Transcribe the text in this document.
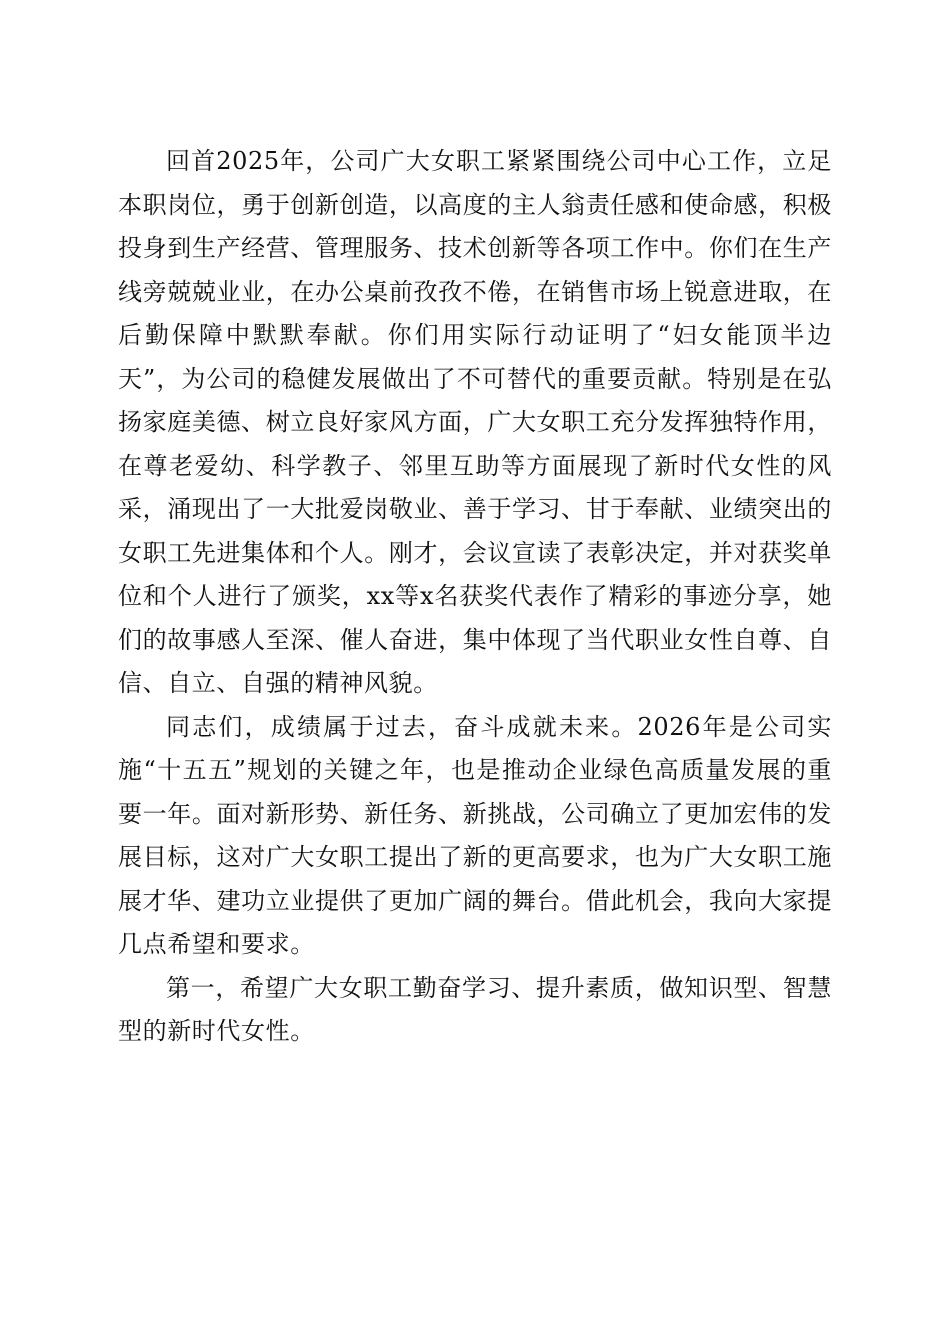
回首2025年，公司广大女职工紧紧围绕公司中心工作，立足本职岗位，勇于创新创造，以高度的主人翁责任感和使命感，积极投身到生产经营、管理服务、技术创新等各项工作中。你们在生产线旁兢兢业业，在办公桌前孜孜不倦，在销售市场上锐意进取，在后勤保障中默默奉献。你们用实际行动证明了“妇女能顶半边天”，为公司的稳健发展做出了不可替代的重要贡献。特别是在弘扬家庭美德、树立良好家风方面，广大女职工充分发挥独特作用，在尊老爱幼、科学教子、邻里互助等方面展现了新时代女性的风采，涌现出了一大批爱岗敬业、善于学习、甘于奉献、业绩突出的女职工先进集体和个人。刚才，会议宣读了表彰决定，并对获奖单位和个人进行了颁奖，xx等x名获奖代表作了精彩的事迹分享，她们的故事感人至深、催人奋进，集中体现了当代职业女性自尊、自信、自立、自强的精神风貌。

同志们，成绩属于过去，奋斗成就未来。2026年是公司实施“十五五”规划的关键之年，也是推动企业绿色高质量发展的重要一年。面对新形势、新任务、新挑战，公司确立了更加宏伟的发展目标，这对广大女职工提出了新的更高要求，也为广大女职工施展才华、建功立业提供了更加广阔的舞台。借此机会，我向大家提几点希望和要求。

第一，希望广大女职工勤奋学习、提升素质，做知识型、智慧型的新时代女性。
